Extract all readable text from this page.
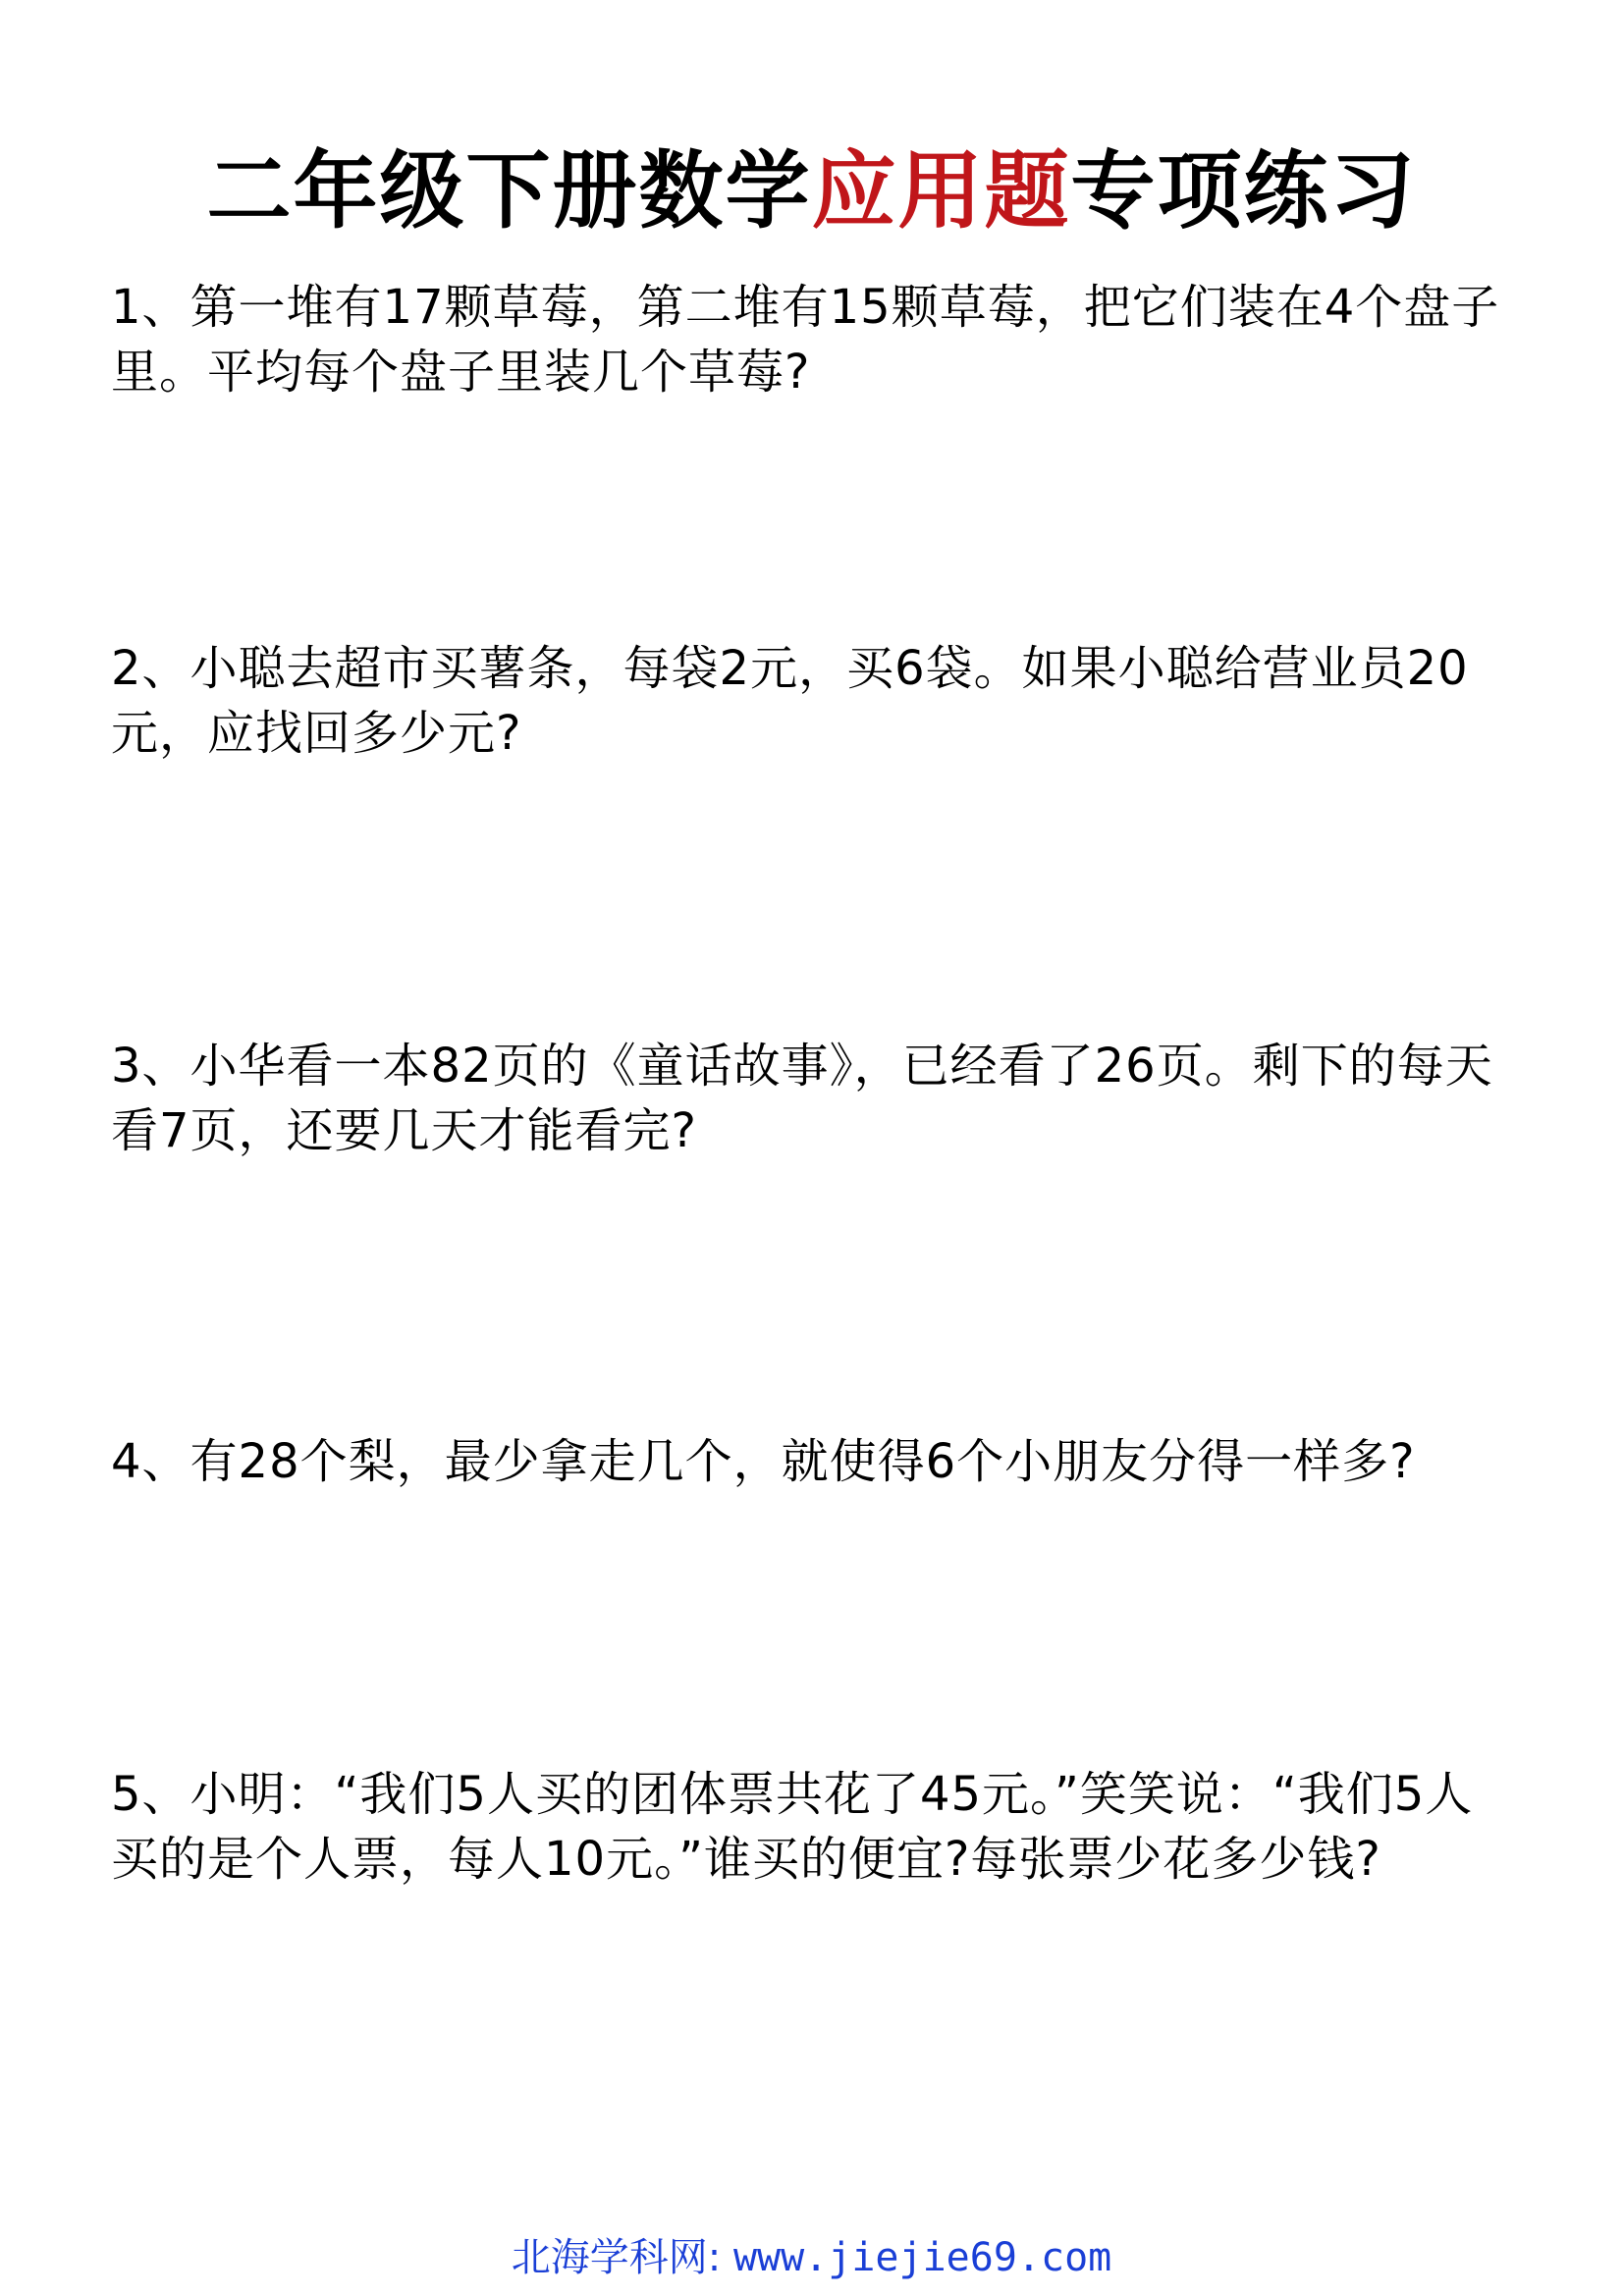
二年级下册数学应用题专项练习

1、第一堆有17颗草莓，第二堆有15颗草莓，把它们装在4个盘子里。平均每个盘子里装几个草莓?

2、小聪去超市买薯条，每袋2元，买6袋。如果小聪给营业员20元，应找回多少元?

3、小华看一本82页的《童话故事》，已经看了26页。剩下的每天看7页，还要几天才能看完?

4、有28个梨，最少拿走几个，就使得6个小朋友分得一样多?

5、小明：“我们5人买的团体票共花了45元。”笑笑说：“我们5人买的是个人票，每人10元。”谁买的便宜?每张票少花多少钱?

北海学科网: www.jiejie69.com
